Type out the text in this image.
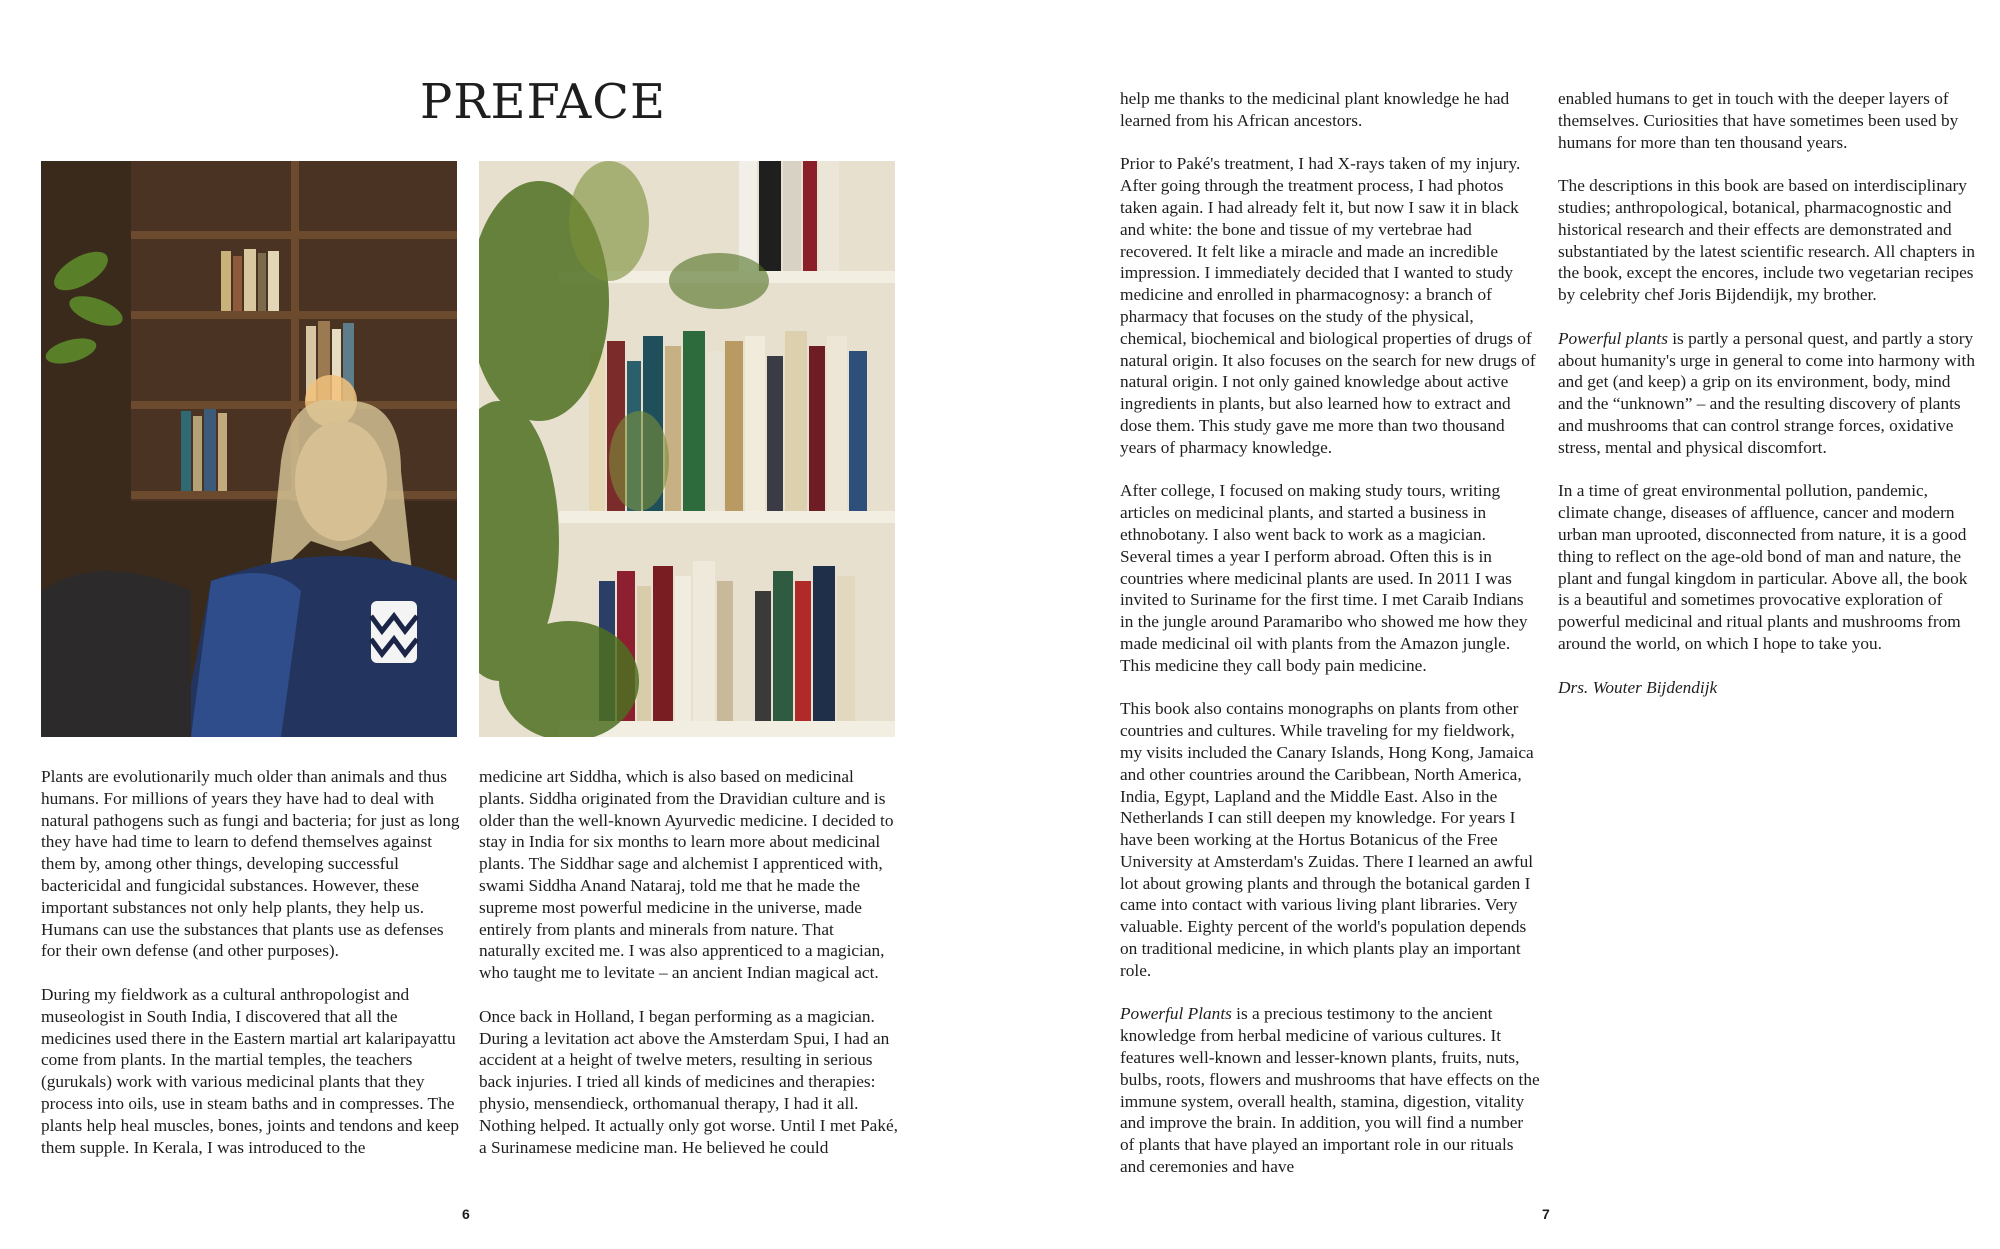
PREFACE

Plants are evolutionarily much older than animals and thus humans. For millions of years they have had to deal with natural pathogens such as fungi and bacteria; for just as long they have had time to learn to defend themselves against them by, among other things, developing successful bactericidal and fungicidal substances. However, these important substances not only help plants, they help us. Humans can use the substances that plants use as defenses for their own defense (and other purposes).

During my fieldwork as a cultural anthropologist and museologist in South India, I discovered that all the medicines used there in the Eastern martial art kalaripayattu come from plants. In the martial temples, the teachers (gurukals) work with various medicinal plants that they process into oils, use in steam baths and in compresses. The plants help heal muscles, bones, joints and tendons and keep them supple. In Kerala, I was introduced to the

medicine art Siddha, which is also based on medicinal plants. Siddha originated from the Dravidian culture and is older than the well-known Ayurvedic medicine. I decided to stay in India for six months to learn more about medicinal plants. The Siddhar sage and alchemist I apprenticed with, swami Siddha Anand Nataraj, told me that he made the supreme most powerful medicine in the universe, made entirely from plants and minerals from nature. That naturally excited me. I was also apprenticed to a magician, who taught me to levitate – an ancient Indian magical act.

Once back in Holland, I began performing as a magician. During a levitation act above the Amsterdam Spui, I had an accident at a height of twelve meters, resulting in serious back injuries. I tried all kinds of medicines and therapies: physio, mensendieck, orthomanual therapy, I had it all. Nothing helped. It actually only got worse. Until I met Paké, a Surinamese medicine man. He believed he could

help me thanks to the medicinal plant knowledge he had learned from his African ancestors.

Prior to Paké's treatment, I had X-rays taken of my injury. After going through the treatment process, I had photos taken again. I had already felt it, but now I saw it in black and white: the bone and tissue of my vertebrae had recovered. It felt like a miracle and made an incredible impression. I immediately decided that I wanted to study medicine and enrolled in pharmacognosy: a branch of pharmacy that focuses on the study of the physical, chemical, biochemical and biological properties of drugs of natural origin. It also focuses on the search for new drugs of natural origin. I not only gained knowledge about active ingredients in plants, but also learned how to extract and dose them. This study gave me more than two thousand years of pharmacy knowledge.

After college, I focused on making study tours, writing articles on medicinal plants, and started a business in ethnobotany. I also went back to work as a magician. Several times a year I perform abroad. Often this is in countries where medicinal plants are used. In 2011 I was invited to Suriname for the first time. I met Caraib Indians in the jungle around Paramaribo who showed me how they made medicinal oil with plants from the Amazon jungle. This medicine they call body pain medicine.

This book also contains monographs on plants from other countries and cultures. While traveling for my fieldwork, my visits included the Canary Islands, Hong Kong, Jamaica and other countries around the Caribbean, North America, India, Egypt, Lapland and the Middle East. Also in the Netherlands I can still deepen my knowledge. For years I have been working at the Hortus Botanicus of the Free University at Amsterdam's Zuidas. There I learned an awful lot about growing plants and through the botanical garden I came into contact with various living plant libraries. Very valuable. Eighty percent of the world's population depends on traditional medicine, in which plants play an important role.

Powerful Plants is a precious testimony to the ancient knowledge from herbal medicine of various cultures. It features well-known and lesser-known plants, fruits, nuts, bulbs, roots, flowers and mushrooms that have effects on the immune system, overall health, stamina, digestion, vitality and improve the brain. In addition, you will find a number of plants that have played an important role in our rituals and ceremonies and have

enabled humans to get in touch with the deeper layers of themselves. Curiosities that have sometimes been used by humans for more than ten thousand years.

The descriptions in this book are based on interdisciplinary studies; anthropological, botanical, pharmacognostic and historical research and their effects are demonstrated and substantiated by the latest scientific research. All chapters in the book, except the encores, include two vegetarian recipes by celebrity chef Joris Bijdendijk, my brother.

Powerful plants is partly a personal quest, and partly a story about humanity's urge in general to come into harmony with and get (and keep) a grip on its environment, body, mind and the “unknown” – and the resulting discovery of plants and mushrooms that can control strange forces, oxidative stress, mental and physical discomfort.

In a time of great environmental pollution, pandemic, climate change, diseases of affluence, cancer and modern urban man uprooted, disconnected from nature, it is a good thing to reflect on the age-old bond of man and nature, the plant and fungal kingdom in particular. Above all, the book is a beautiful and sometimes provocative exploration of powerful medicinal and ritual plants and mushrooms from around the world, on which I hope to take you.

Drs. Wouter Bijdendijk

6	7
